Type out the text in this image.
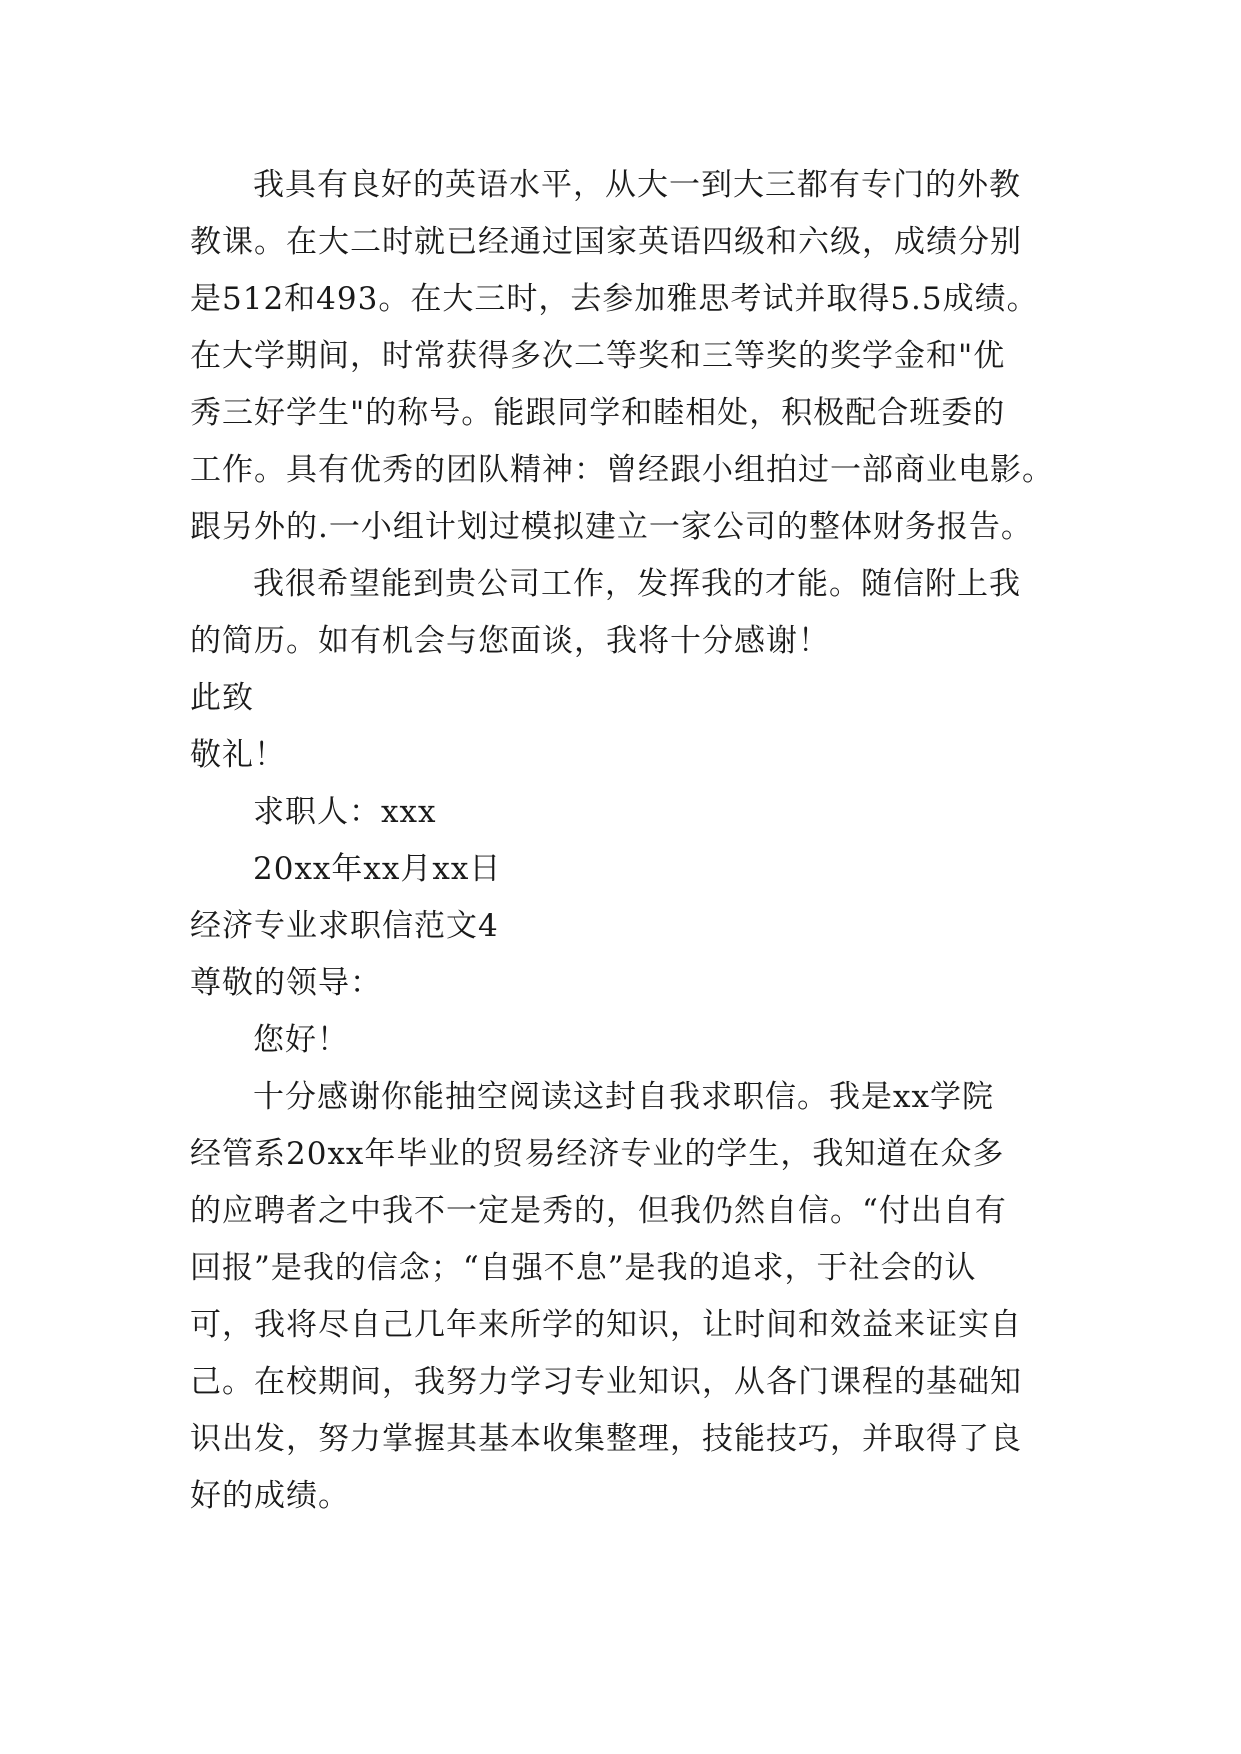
我具有良好的英语水平，从大一到大三都有专门的外教
教课。在大二时就已经通过国家英语四级和六级，成绩分别
是512和493。在大三时，去参加雅思考试并取得5.5成绩。
在大学期间，时常获得多次二等奖和三等奖的奖学金和"优
秀三好学生"的称号。能跟同学和睦相处，积极配合班委的
工作。具有优秀的团队精神：曾经跟小组拍过一部商业电影。
跟另外的.一小组计划过模拟建立一家公司的整体财务报告。
我很希望能到贵公司工作，发挥我的才能。随信附上我
的简历。如有机会与您面谈，我将十分感谢！
此致
敬礼！
求职人：xxx
20xx年xx月xx日
经济专业求职信范文4
尊敬的领导：
您好！
十分感谢你能抽空阅读这封自我求职信。我是xx学院
经管系20xx年毕业的贸易经济专业的学生，我知道在众多
的应聘者之中我不一定是秀的，但我仍然自信。“付出自有
回报”是我的信念；“自强不息”是我的追求，于社会的认
可，我将尽自己几年来所学的知识，让时间和效益来证实自
己。在校期间，我努力学习专业知识，从各门课程的基础知
识出发，努力掌握其基本收集整理，技能技巧，并取得了良
好的成绩。
